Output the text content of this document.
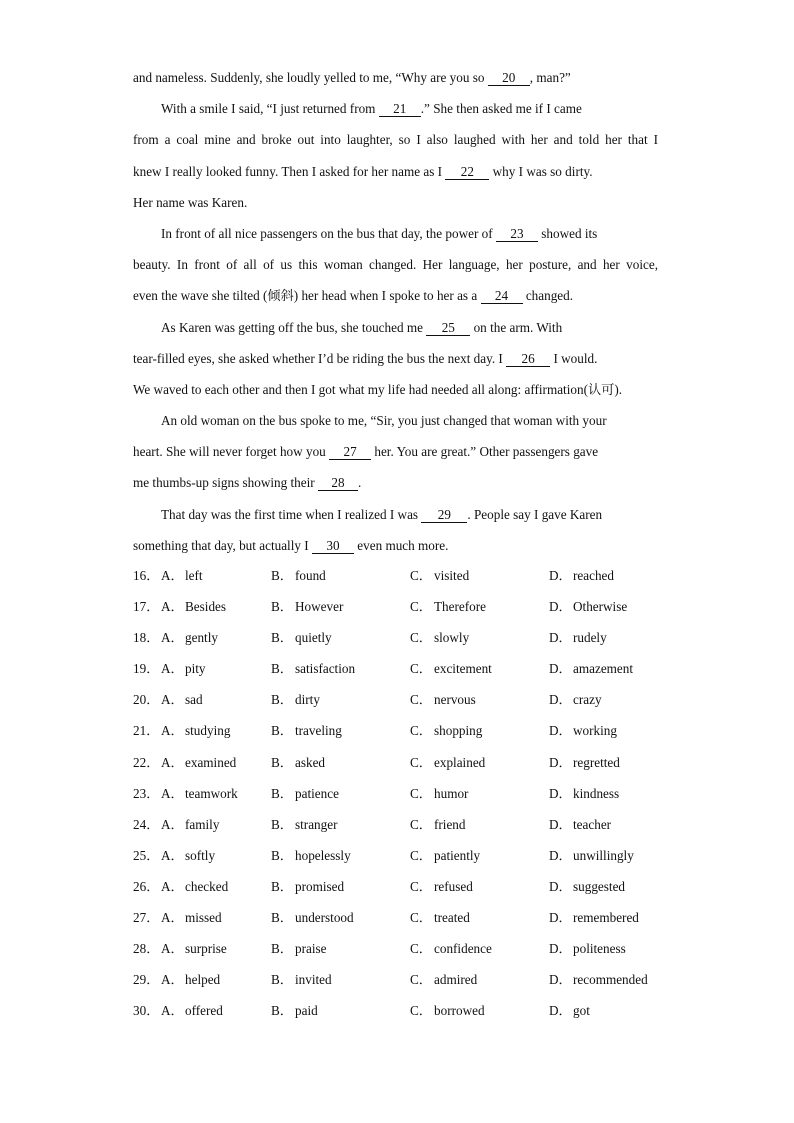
and nameless. Suddenly, she loudly yelled to me, “Why are you so 20 , man?”
With a smile I said, “I just returned from 21 .” She then asked me if I came
from a coal mine and broke out into laughter, so I also laughed with her and told her that I
knew I really looked funny. Then I asked for her name as I 22 why I was so dirty.
Her name was Karen.
In front of all nice passengers on the bus that day, the power of 23 showed its
beauty. In front of all of us this woman changed. Her language, her posture, and her voice,
even the wave she tilted (倾斜) her head when I spoke to her as a 24 changed.
As Karen was getting off the bus, she touched me 25 on the arm. With
tear-filled eyes, she asked whether I’d be riding the bus the next day. I 26 I would.
We waved to each other and then I got what my life had needed all along: affirmation(认可).
An old woman on the bus spoke to me, “Sir, you just changed that woman with your
heart. She will never forget how you 27 her. You are great.” Other passengers gave
me thumbs-up signs showing their 28 .
That day was the first time when I realized I was 29 . People say I gave Karen
something that day, but actually I 30 even much more.
16． A．left	B． found	C． visited	D．reached
17． A．Besides	B． However	C． Therefore	D．Otherwise
18． A．gently	B． quietly	C． slowly	D．rudely
19． A．pity	B． satisfaction	C． excitement	D．amazement
20． A．sad	B． dirty	C． nervous	D．crazy
21． A．studying	B． traveling	C． shopping	D．working
22． A．examined	B． asked	C． explained	D．regretted
23． A．teamwork	B． patience	C． humor	D．kindness
24． A．family	B． stranger	C． friend	D．teacher
25． A．softly	B． hopelessly	C． patiently	D．unwillingly
26． A．checked	B． promised	C． refused	D．suggested
27． A．missed	B． understood	C． treated	D．remembered
28． A．surprise	B． praise	C． confidence	D．politeness
29． A．helped	B． invited	C． admired	D．recommended
30． A．offered	B． paid	C． borrowed	D．got
